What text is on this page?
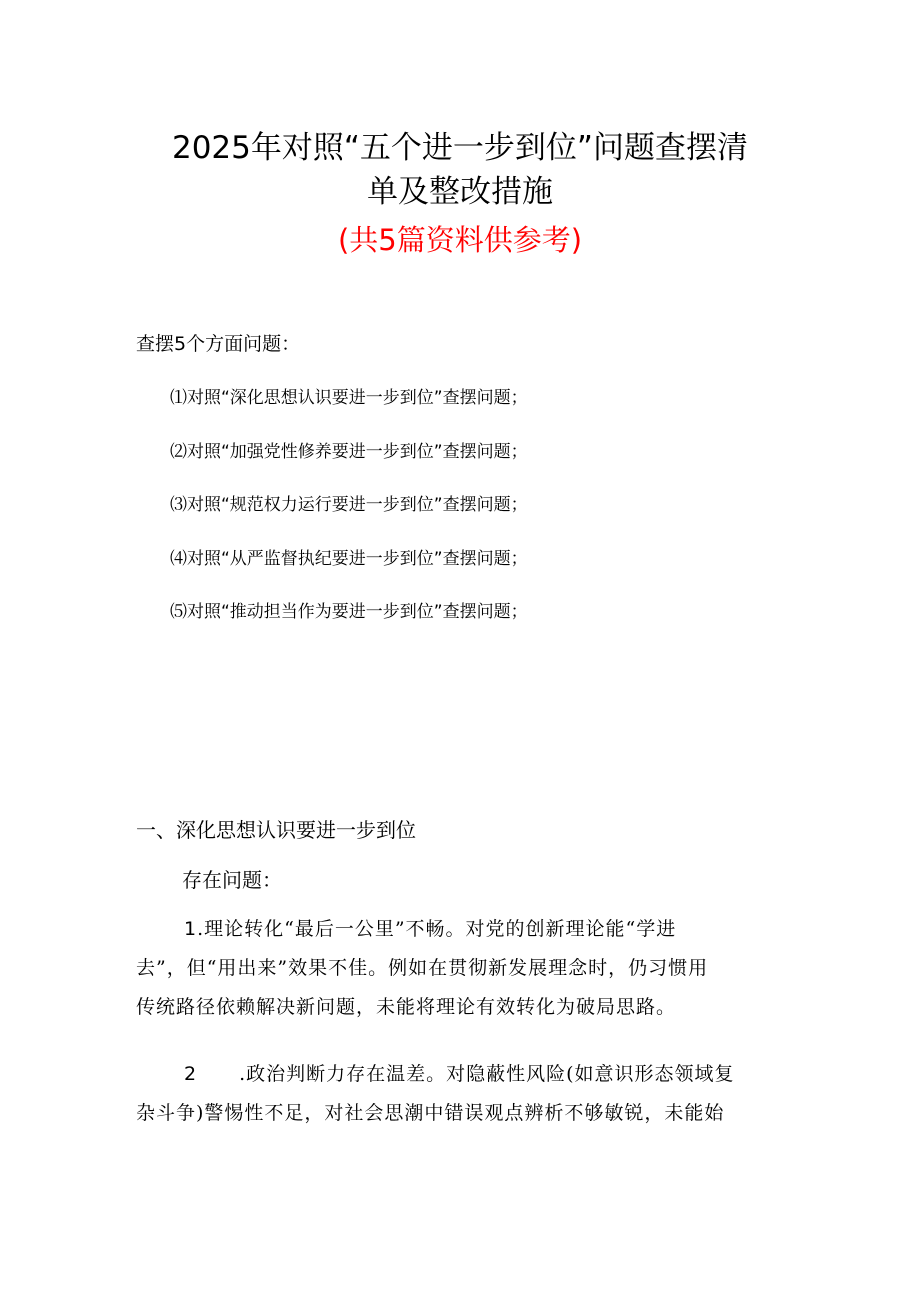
2025年对照“五个进一步到位”问题查摆清
单及整改措施
(共5篇资料供参考)
查摆5个方面问题：
⑴对照“深化思想认识要进一步到位”查摆问题；
⑵对照“加强党性修养要进一步到位”查摆问题；
⑶对照“规范权力运行要进一步到位”查摆问题；
⑷对照“从严监督执纪要进一步到位”查摆问题；
⑸对照“推动担当作为要进一步到位”查摆问题；
一、深化思想认识要进一步到位
存在问题：

1.理论转化“最后一公里”不畅。对党的创新理论能“学进
去”，但“用出来”效果不佳。例如在贯彻新发展理念时，仍习惯用
传统路径依赖解决新问题，未能将理论有效转化为破局思路。

2 .政治判断力存在温差。对隐蔽性风险(如意识形态领域复
杂斗争)警惕性不足，对社会思潮中错误观点辨析不够敏锐，未能始
